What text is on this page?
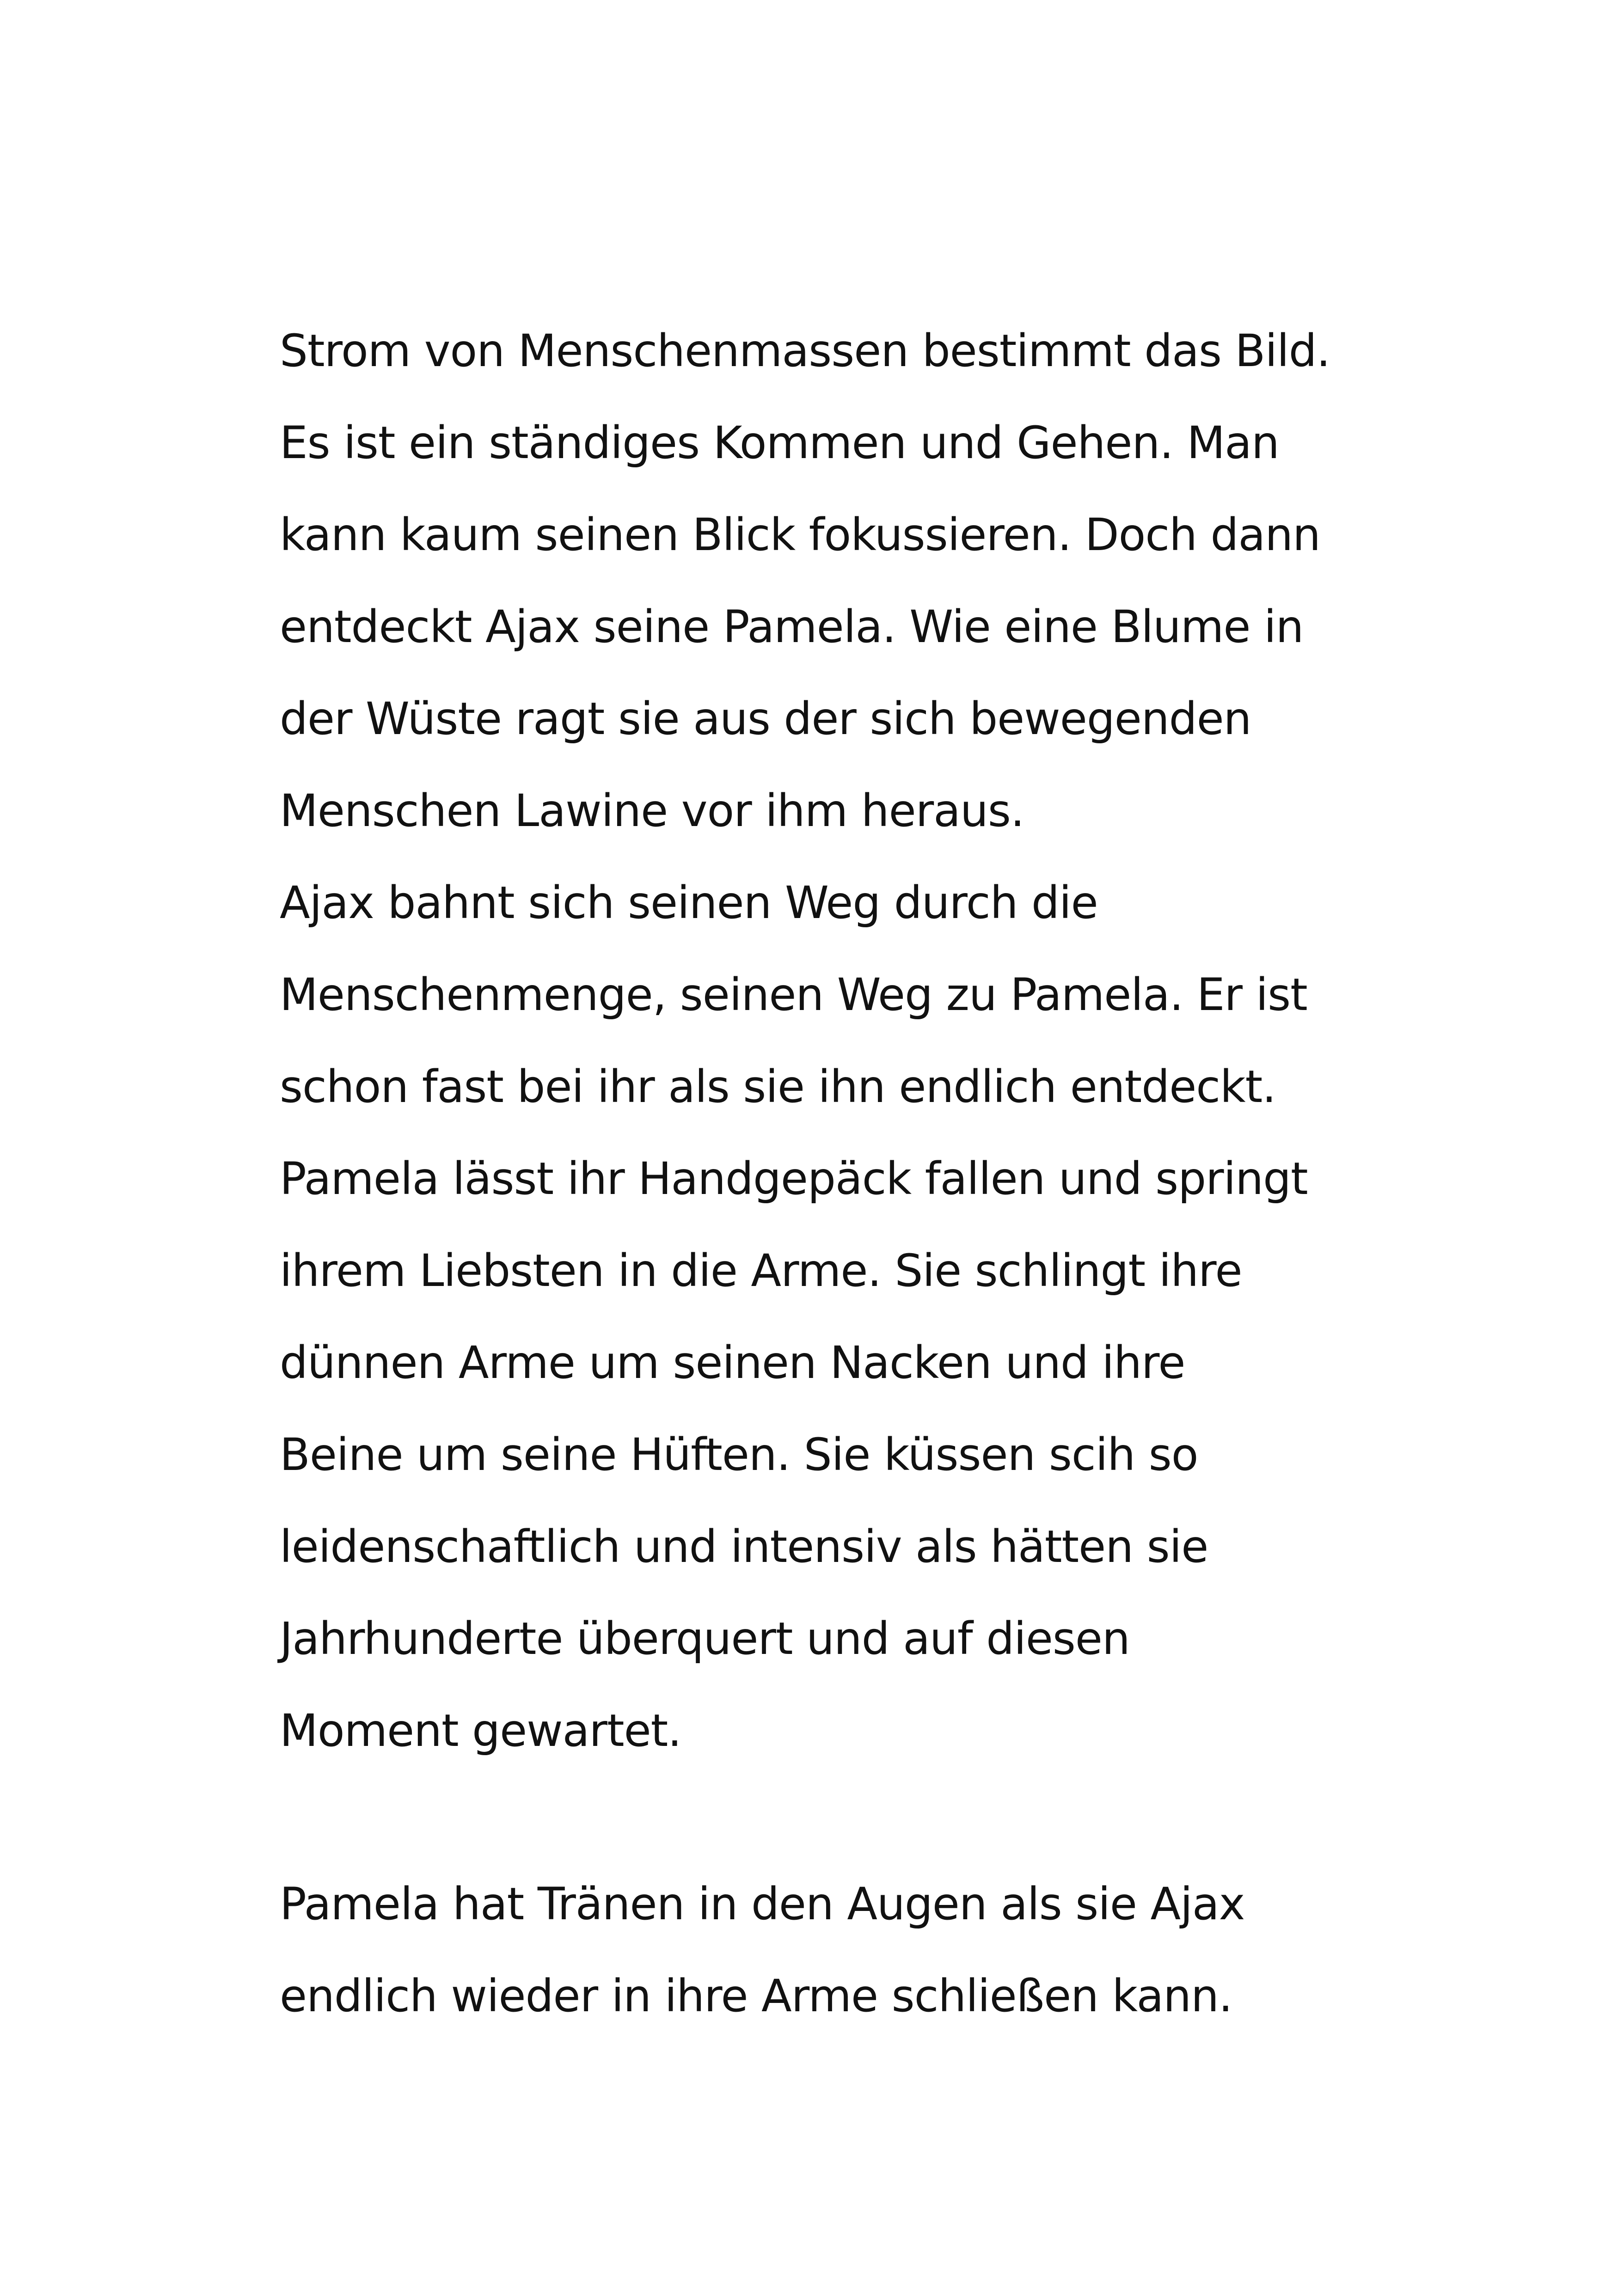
Strom von Menschenmassen bestimmt das Bild.
Es ist ein ständiges Kommen und Gehen. Man
kann kaum seinen Blick fokussieren. Doch dann
entdeckt Ajax seine Pamela. Wie eine Blume in
der Wüste ragt sie aus der sich bewegenden
Menschen Lawine vor ihm heraus.
Ajax bahnt sich seinen Weg durch die
Menschenmenge, seinen Weg zu Pamela. Er ist
schon fast bei ihr als sie ihn endlich entdeckt.
Pamela lässt ihr Handgepäck fallen und springt
ihrem Liebsten in die Arme. Sie schlingt ihre
dünnen Arme um seinen Nacken und ihre
Beine um seine Hüften. Sie küssen scih so
leidenschaftlich und intensiv als hätten sie
Jahrhunderte überquert und auf diesen
Moment gewartet.
Pamela hat Tränen in den Augen als sie Ajax
endlich wieder in ihre Arme schließen kann.
